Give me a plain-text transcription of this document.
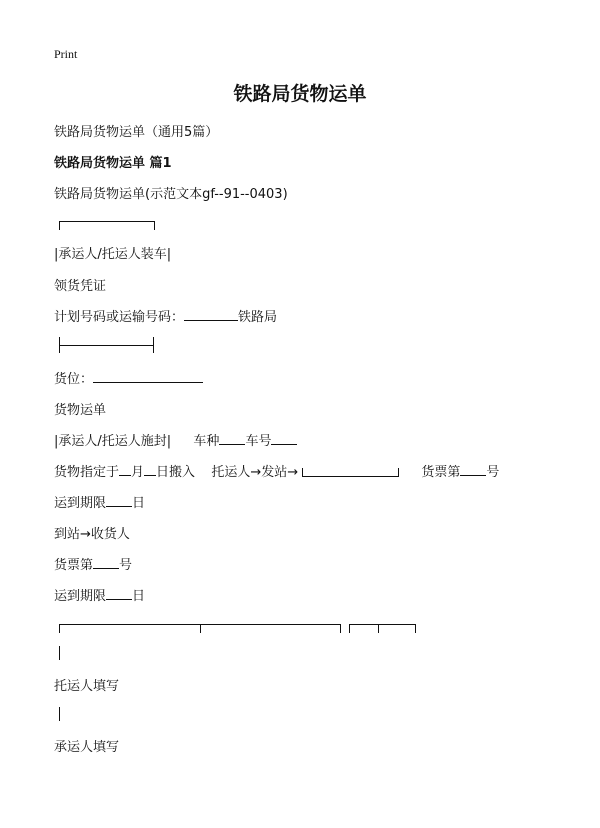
Print
铁路局货物运单
铁路局货物运单（通用5篇）
铁路局货物运单 篇1
铁路局货物运单(示范文本gf--91--0403)
|承运人/托运人装车|
领货凭证
计划号码或运输号码：	铁路局
货位：
货物运单
|承运人/托运人施封| 车种 车号
货物指定于 月 日搬入 托运人→发站→	货票第 号
运到期限 日
到站→收货人
货票第 号
运到期限 日
托运人填写
承运人填写
